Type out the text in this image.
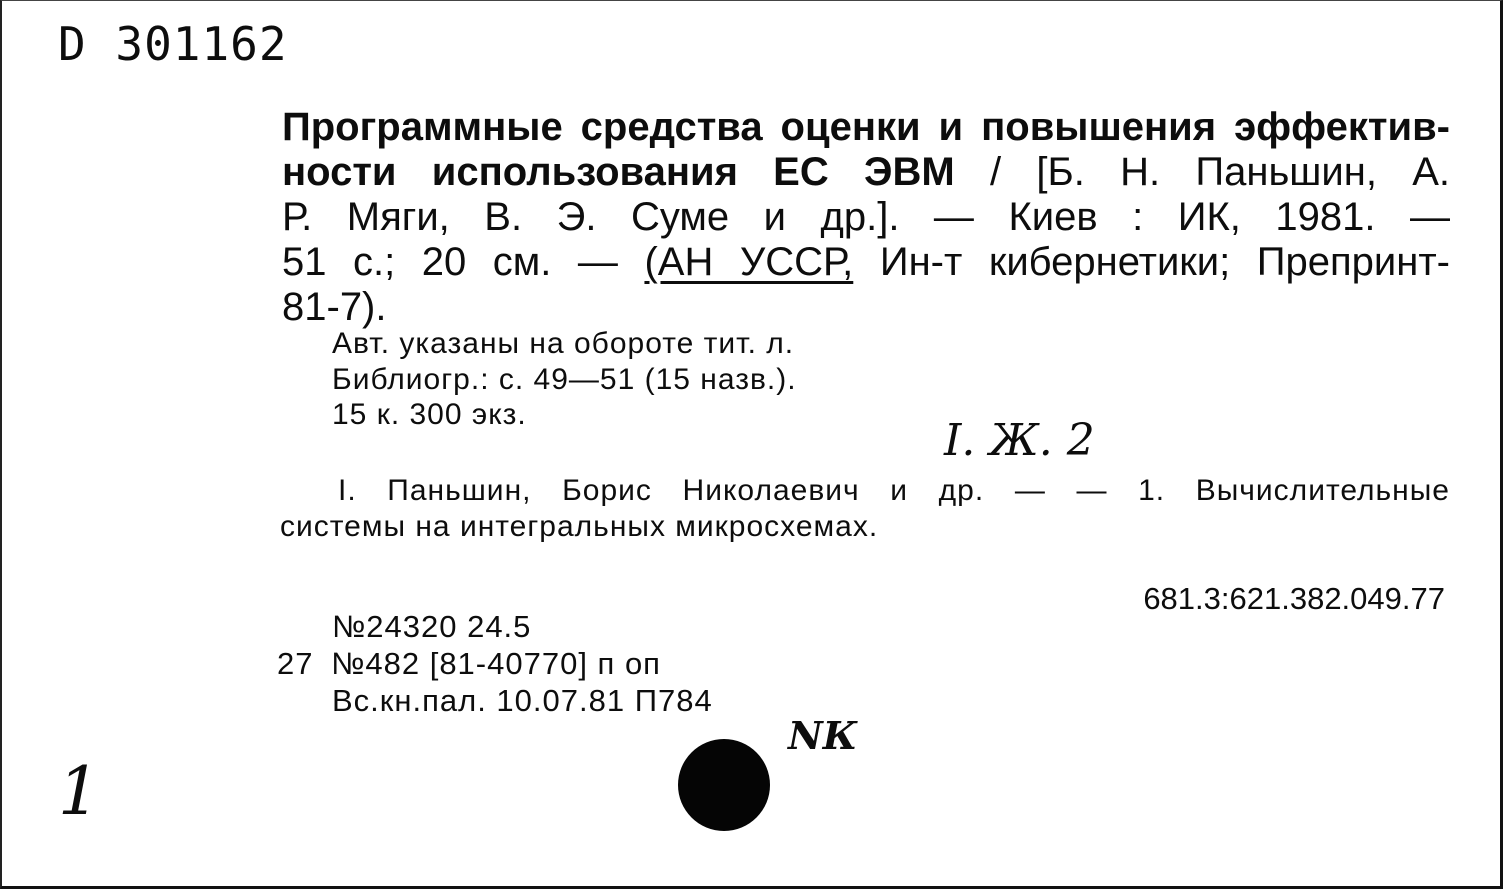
D 301162
Программные средства оценки и повышения эффектив-
ности использования ЕС ЭВМ / [Б. Н. Паньшин, А.
Р. Мяги, В. Э. Суме и др.]. — Киев : ИК, 1981. —
51 с.; 20 см. — (АН УССР, Ин-т кибернетики; Препринт-
81-7).
Авт. указаны на обороте тит. л.
Библиогр.: с. 49—51 (15 назв.).
15 к. 300 экз.
I. Ж. 2
I. Паньшин, Борис Николаевич и др. — — 1. Вычислительные
системы на интегральных микросхемах.
681.3:621.382.049.77
№24320 24.5
27 №482 [81-40770] п оп
Вс.кн.пал. 10.07.81 П784
NК
1
